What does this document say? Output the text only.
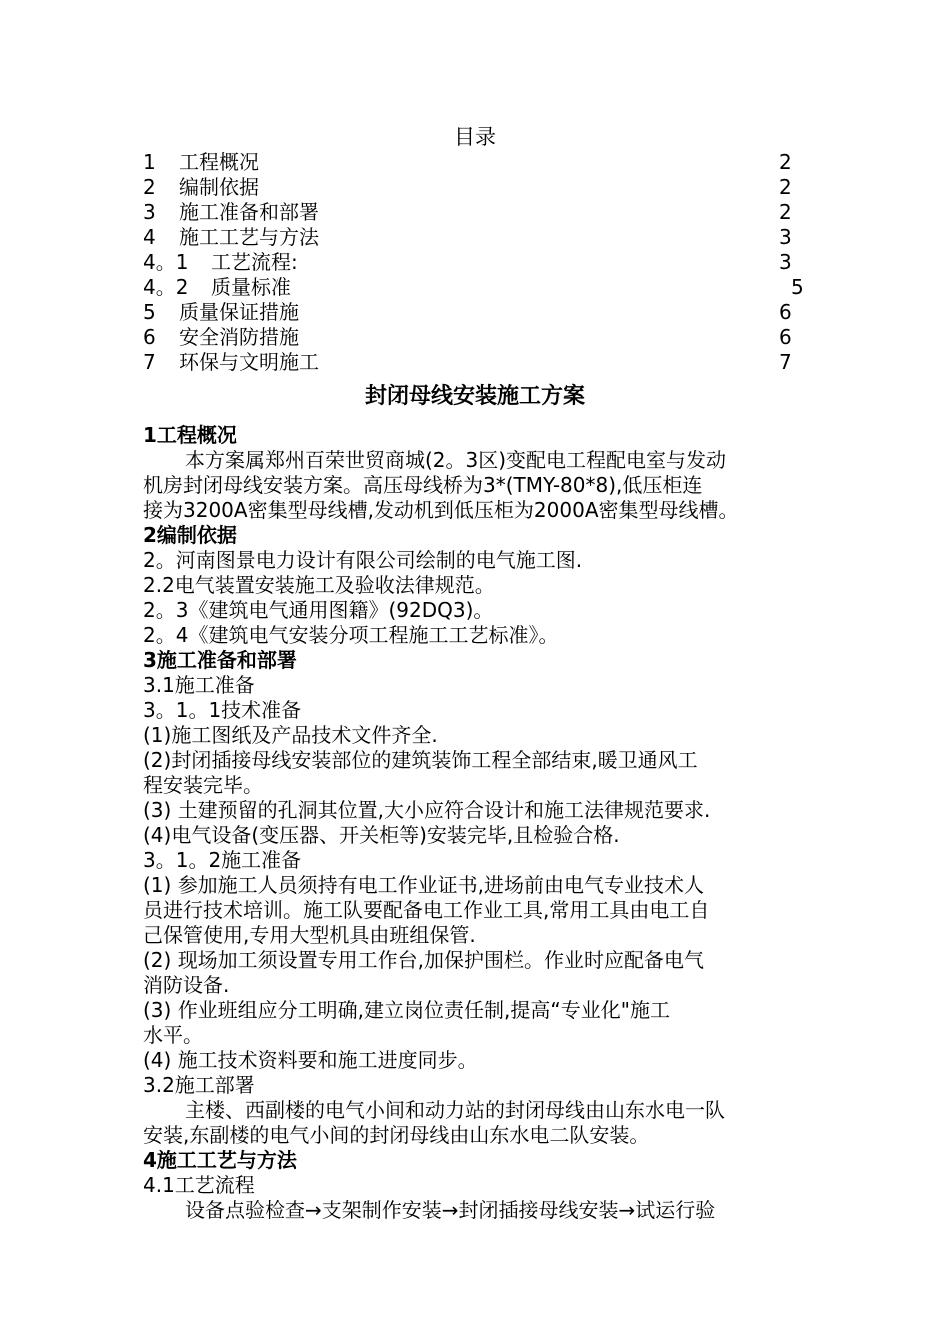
目录
1 工程概况	2
2 编制依据	2
3 施工准备和部署	2
4 施工工艺与方法	3
4。1 工艺流程:	3
4。2 质量标准	5
5 质量保证措施	6
6 安全消防措施	6
7 环保与文明施工	7
封闭母线安装施工方案
1工程概况
本方案属郑州百荣世贸商城(2。3区)变配电工程配电室与发动
机房封闭母线安装方案。高压母线桥为3*(TMY-80*8),低压柜连
接为3200A密集型母线槽,发动机到低压柜为2000A密集型母线槽。
2编制依据
2。河南图景电力设计有限公司绘制的电气施工图.
2.2电气装置安装施工及验收法律规范。
2。3《建筑电气通用图籍》(92DQ3)。
2。4《建筑电气安装分项工程施工工艺标准》。
3施工准备和部署
3.1施工准备
3。1。1技术准备
(1)施工图纸及产品技术文件齐全.
(2)封闭插接母线安装部位的建筑装饰工程全部结束,暖卫通风工
程安装完毕。
(3) 土建预留的孔洞其位置,大小应符合设计和施工法律规范要求.
(4)电气设备(变压器、开关柜等)安装完毕,且检验合格.
3。1。2施工准备
(1) 参加施工人员须持有电工作业证书,进场前由电气专业技术人
员进行技术培训。施工队要配备电工作业工具,常用工具由电工自
己保管使用,专用大型机具由班组保管.
(2) 现场加工须设置专用工作台,加保护围栏。作业时应配备电气
消防设备.
(3) 作业班组应分工明确,建立岗位责任制,提高“专业化"施工
水平。
(4) 施工技术资料要和施工进度同步。
3.2施工部署
主楼、西副楼的电气小间和动力站的封闭母线由山东水电一队
安装,东副楼的电气小间的封闭母线由山东水电二队安装。
4施工工艺与方法
4.1工艺流程
设备点验检查→支架制作安装→封闭插接母线安装→试运行验
